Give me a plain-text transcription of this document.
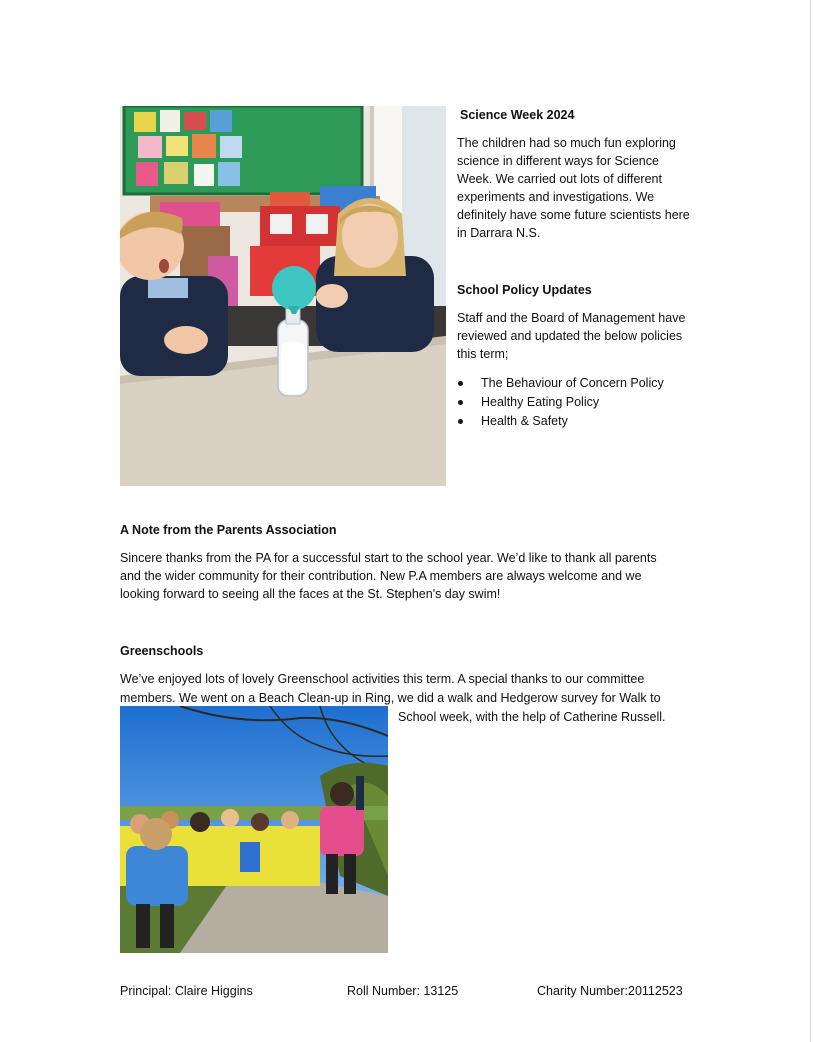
Science Week 2024

The children had so much fun exploring science in different ways for Science Week. We carried out lots of different experiments and investigations. We definitely have some future scientists here in Darrara N.S.

School Policy Updates

Staff and the Board of Management have reviewed and updated the below policies this term;

The Behaviour of Concern Policy
Healthy Eating Policy
Health & Safety

A Note from the Parents Association

Sincere thanks from the PA for a successful start to the school year. We’d like to thank all parents and the wider community for their contribution. New P.A members are always welcome and we looking forward to seeing all the faces at the St. Stephen's day swim!

Greenschools

We’ve enjoyed lots of lovely Greenschool activities this term. A special thanks to our committee

members. We went on a Beach Clean-up in Ring, we did a walk and Hedgerow survey for Walk to

School week, with the help of Catherine Russell.

Principal: Claire Higgins	Roll Number: 13125	Charity Number:20112523
